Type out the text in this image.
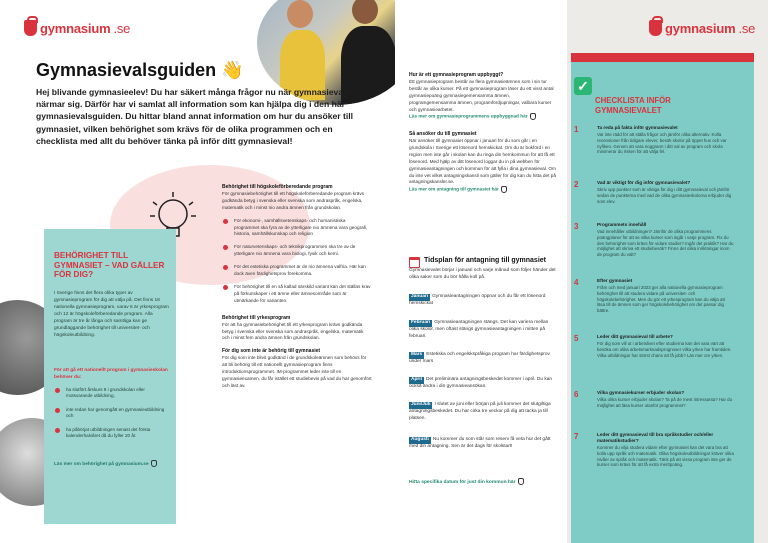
gymnasium .se
Gymnasievalsguiden 👋
Hej blivande gymnasieelev! Du har säkert många frågor nu när gymnasievalet närmar sig. Därför har vi samlat all information som kan hjälpa dig i den här gymnasievalsguiden. Du hittar bland annat information om hur du ansöker till gymnasiet, vilken behörighet som krävs för de olika programmen och en checklista med allt du behöver tänka på inför ditt gymnasieval!
BEHÖRIGHET TILL GYMNASIET – VAD GÄLLER FÖR DIG?
I Sverige finns det flera olika typer av gymnasieprogram för dig att välja på. Det finns 18 nationella gymnasieprogram, varav 6 är yrkesprogram och 12 är högskoleförberedande program. Alla program är tre år långa och samtliga kan ge grundläggande behörighet till universitet- och högskoleutbildning.
För att gå ett nationellt program i gymnasieskolan behöver du:
ha slutfört årskurs 9 i grundskolan eller motsvarande utbildning,
inte redan har genomgått en gymnasieutbildning och
ha påbörjat utbildningen senast det första kalenderhalvåret då du fyller 20 år.
Läs mer om behörighet på gymnasium.se
Behörighet till högskoleförberedande program
För gymnasiebehörighet till ett högskoleförberedande program krävs godkända betyg i svenska eller svenska som andraspråk, engelska, matematik och i minst nio andra ämnen från grundskolan.
För ekonomi-, samhällsvetenskaps- och humanistiska programmet ska fyra av de ytterligare nio ämnena vara geografi, historia, samhällskunskap och religion
För naturvetenskaps- och teknikprogrammen ska tre av de ytterligare nio ämnena vara biologi, fysik och kemi.
För det estetiska programmet är de nio ämnena valfria. Här kan dock även färdighetsprov förekomma.
För behörighet till en så kallad särskild variant kan det ställas krav på förkunskaper i ett ämne eller ämnesområde som är utmärkande för varianten.
Behörighet till yrkesprogram
För att ha gymnasiebehörighet till ett yrkesprogram krävs godkända betyg i svenska eller svenska som andraspråk, engelska, matematik och i minst fem andra ämnen från grundskolan.
För dig som inte är behörig till gymnasiet
För dig som inte blivit godkänd i de grundskoleämnen som behövs för att bli behörig till ett nationellt gymnasieprogram finns introduktionsprogrammet. IM-programmet leder inte till en gymnasieexamen, du får istället ett studiebevis på vad du har genomfört och läst av.
Hur är ett gymnasieprogram uppbyggt?
Ett gymnasieprogram består av flera gymnasieämnen som i sin tur består av olika kurser. På ett gymnasieprogram läser du ett visst antal gymnasiepoäng gymnasiegemensamma ämnen, programgemensamma ämnen, programfördjupningar, valbara kurser och gymnasiearbetet.
Läs mer om gymnasieprogrammens uppbyggnad här
Så ansöker du till gymnasiet
När ansöker till gymnasiet öppnar i januari för du som går i en grundskola i Sverige ett lösenord hemskickat. Om du är bokförd i en region men inte går i skolan kan du ringa din hemkommun för att få ett lösenord. Med hjälp av ditt lösenord loggar du in på webben för gymnasieantagningen och kommun för att fylla i dina gymnasieval. Om du inte vet vilket antagningskansli som gäller för dig kan du hitta det på antagningskansler.se.
Läs mer om antagning till gymnasiet här
Tidsplan för antagning till gymnasiet
Gymnasievalet börjar i januari och varje månad som följer händer det olika saker som du bör hålla koll på.
Januari Gymnasieantagningen öppnar och du får ett lösenord hemskickat
Februari Gymnasieantagningen stängs. Det kan variera mellan olika skolor, men oftast stängs gymnasieantagningen i mitten på februari.
Mars Estetiska och engelskspråkiga program har färdighetsprov under mars
April Det preliminära antagningsbeskedet kommer i april. Du kan också ändra i din gymnasieansökan.
Juni/Juli I slutet av juni eller början på juli kommer det slutgiltiga antagningsbeskedet. Du har cirka tre veckor på dig att tacka ja till platsen.
Augusti Nu kommer du som står som reserv få veta hur det gått med din antagning. Sen är det dags för skolstart!
Hitta specifika datum för just din kommun här
gymnasium .se
✓
CHECKLISTA INFÖR GYMNASIEVALET
1	Ta reda på fakta inför gymnasievalet
Var inte rädd för att ställa frågor och jämför olika alternativ. Kolla recensioner från tidigare elever, besök skolor på öppet hus och var nyfiken. Genom att vara noggrann i ditt val av program och skola minimerar du risken för att välja fel.
2	Vad är viktigt för dig inför gymnasievalet?
Skriv upp punkter som är viktiga för dig i ditt gymnasieval och jämför sedan de punkterna med vad de olika gymnasieskolorna erbjuder dig som elev.
3	Programmets innehåll
Vad innehåller utbildningen? Jämför de olika programmens poängplaner för att se vilka kurser som ingår i varje program. Fix du den behörighet som krävs för vidare studier? Ingår det praktik? Har du möjlighet att skriva ett studiebesök? Finns det olika inriktningar inom de program du valt?
4	Efter gymnasiet
Fråm och med januari 2023 ger alla nationella gymnasieprogram behörighet till att studera vidare på universitet- och högskolebehörighet. Men du gör ett yrkesprogram kan du välja att läsa till de ämnen som ger högskolebehörighet om det passar dig bättre.
5	Leder ditt gymnasieval till arbete?
För dig som vill ut i arbetslivet efter studierna kan det vara värt att besöka om olika arbetsmarknadsprognoser vilka yrken har framtiden. Vilka utbildningar har störst chans att få jobb? Läs mer om yrken.
6	Vilka gymnasiekurser erbjuder skolan?
Vilka olika kurser erbjuder skolan? Ta på de mest intressanta? Har du möjlighet att läsa kurser utanför programmet?
7	Leder ditt gymnasieval till bra språkstudier och/eller matematikstudier?
Kommer du vilja studera vidare efter gymnasiet kan det vara bra att kolla upp språk och matematik. Olika högskoleutbildningar kräver olika nivåer av språk och matematik. Tänk på att vissa program inte ger de kurser som krävs för att få extra meritpoäng.
